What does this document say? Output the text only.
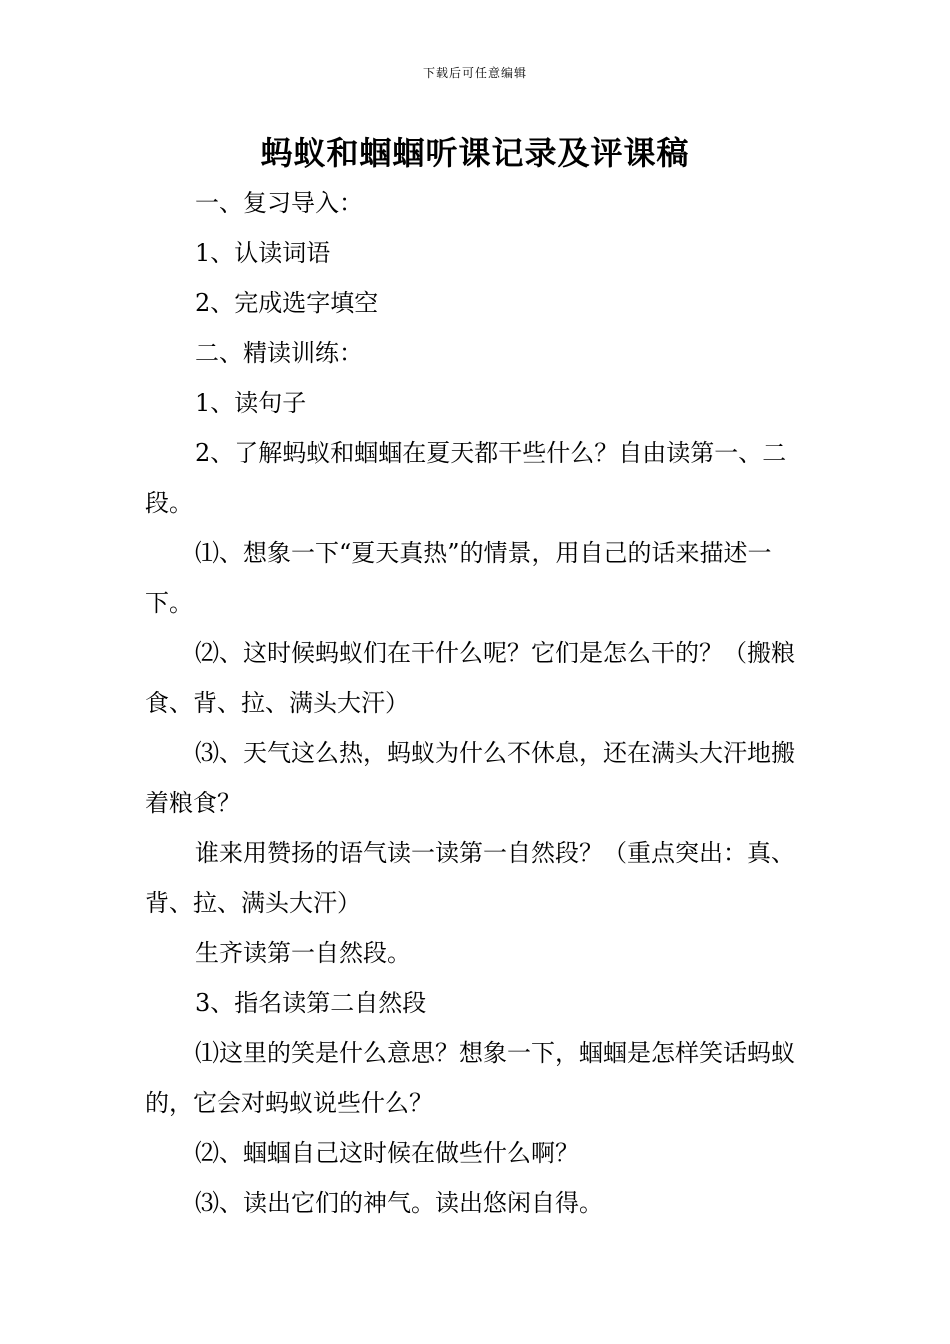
下载后可任意编辑
蚂蚁和蝈蝈听课记录及评课稿

一、复习导入：

1、认读词语

2、完成选字填空

二、精读训练：

1、读句子

2、了解蚂蚁和蝈蝈在夏天都干些什么？自由读第一、二段。

⑴、想象一下“夏天真热”的情景，用自己的话来描述一下。

⑵、这时候蚂蚁们在干什么呢？它们是怎么干的？（搬粮食、背、拉、满头大汗）

⑶、天气这么热，蚂蚁为什么不休息，还在满头大汗地搬着粮食？

谁来用赞扬的语气读一读第一自然段？（重点突出：真、背、拉、满头大汗）

生齐读第一自然段。

3、指名读第二自然段

⑴这里的笑是什么意思？想象一下，蝈蝈是怎样笑话蚂蚁的，它会对蚂蚁说些什么？

⑵、蝈蝈自己这时候在做些什么啊？

⑶、读出它们的神气。读出悠闲自得。
